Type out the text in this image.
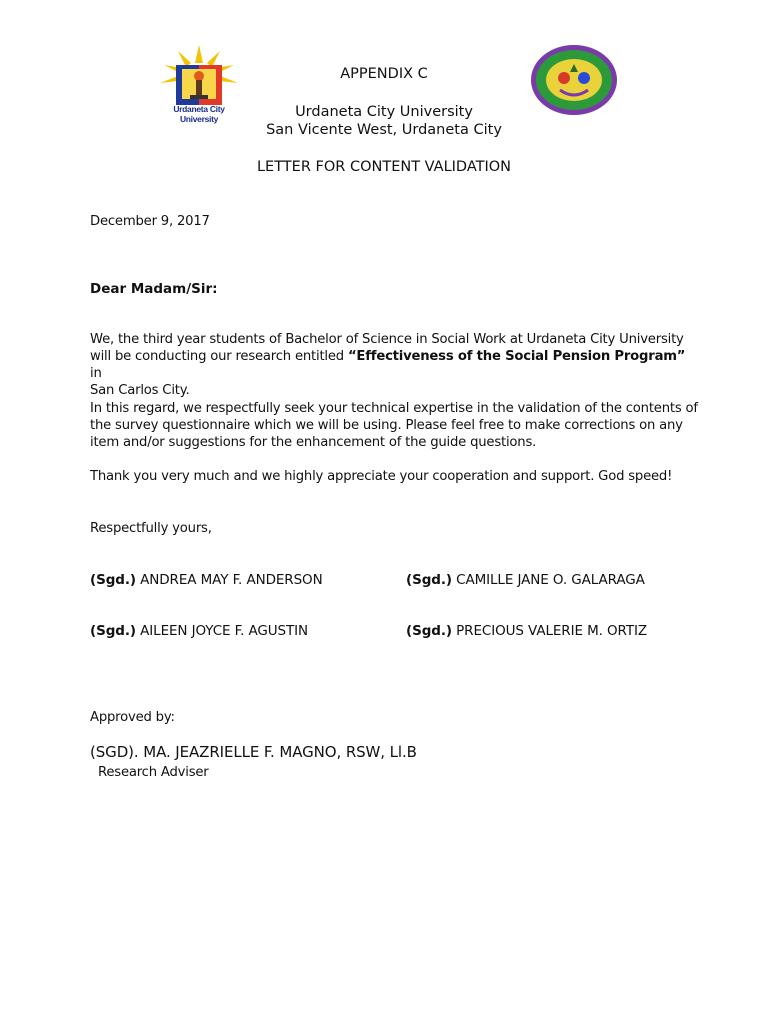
Urdaneta City University
APPENDIX C
Urdaneta City University
San Vicente West, Urdaneta City
LETTER FOR CONTENT VALIDATION
December 9, 2017
Dear Madam/Sir:
We, the third year students of Bachelor of Science in Social Work at Urdaneta City University
will be conducting our research entitled “Effectiveness of the Social Pension Program” in
San Carlos City.
In this regard, we respectfully seek your technical expertise in the validation of the contents of
the survey questionnaire which we will be using. Please feel free to make corrections on any
item and/or suggestions for the enhancement of the guide questions.
Thank you very much and we highly appreciate your cooperation and support. God speed!
Respectfully yours,
(Sgd.) ANDREA MAY F. ANDERSON	(Sgd.) CAMILLE JANE O. GALARAGA
(Sgd.) AILEEN JOYCE F. AGUSTIN	(Sgd.) PRECIOUS VALERIE M. ORTIZ
Approved by:
(SGD). MA. JEAZRIELLE F. MAGNO, RSW, Ll.B
Research Adviser
